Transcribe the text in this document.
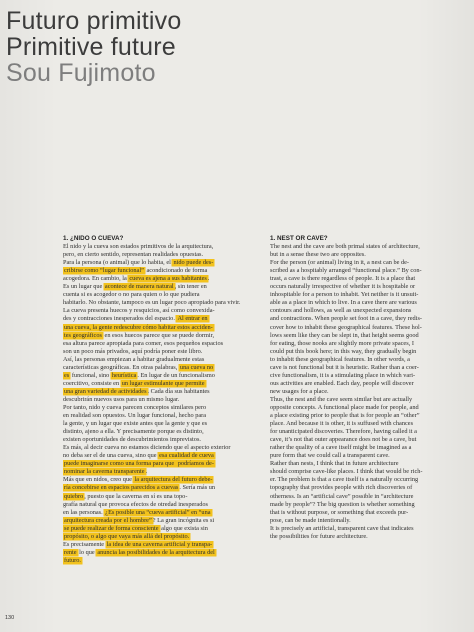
Futuro primitivo
Primitive future
Sou Fujimoto
1. ¿NIDO O CUEVA?
El nido y la cueva son estados primitivos de la arquitectura,
pero, en cierto sentido, representan realidades opuestas.
Para la persona (o animal) que lo habita, el nido puede des-
cribirse como “lugar funcional” acondicionado de forma
acogedora. En cambio, la cueva es ajena a sus habitantes.
Es un lugar que acontece de manera natural, sin tener en
cuenta si es acogedor o no para quien o lo que pudiera
habitarlo. No obstante, tampoco es un lugar poco apropiado para vivir.
La cueva presenta huecos y resquicios, así como convexida-
des y contracciones inesperados del espacio. Al entrar en
una cueva, la gente redescubre cómo habitar estos acciden-
tes geográficos en esos huecos parece que se puede dormir,
esa altura parece apropiada para comer, esos pequeños espacios
son un poco más privados, aquí podría poner este libro.
Así, las personas empiezan a habitar gradualmente estas
características geográficas. En otras palabras, una cueva no
es funcional, sino heurística. En lugar de un funcionalismo
coercitivo, consiste en un lugar estimulante que permite
una gran variedad de actividades. Cada día sus habitantes
descubrirán nuevos usos para un mismo lugar.
Por tanto, nido y cueva parecen conceptos similares pero
en realidad son opuestos. Un lugar funcional, hecho para
la gente, y un lugar que existe antes que la gente y que es
distinto, ajeno a ella. Y precisamente porque es distinto,
existen oportunidades de descubrimientos imprevistos.
Es más, al decir cueva no estamos diciendo que el aspecto exterior
no deba ser el de una cueva, sino que esa cualidad de cueva
puede imaginarse como una forma para que podríamos de-
nominar la caverna transparente.
Más que en nidos, creo que la arquitectura del futuro debe-
ría concebirse en espacios parecidos a cuevas. Sería más un
quiebro, puesto que la caverna en sí es una topo-
grafía natural que provoca efectos de otredad inesperados
en las personas. ¿Es posible una “cueva artificial” en “una
arquitectura creada por el hombre”? La gran incógnita es si
se puede realizar de forma consciente algo que exista sin
propósito, o algo que vaya más allá del propósito.
Es precisamente la idea de una caverna artificial y transpa-
rente lo que anuncia las posibilidades de la arquitectura del
futuro.
1. NEST OR CAVE?
The nest and the cave are both primal states of architecture,
but in a sense these two are opposites.
For the person (or animal) living in it, a nest can be de-
scribed as a hospitably arranged “functional place.” By con-
trast, a cave is there regardless of people. It is a place that
occurs naturally irrespective of whether it is hospitable or
inhospitable for a person to inhabit. Yet neither is it unsuit-
able as a place in which to live. In a cave there are various
contours and hollows, as well as unexpected expansions
and contractions. When people set foot in a cave, they redis-
cover how to inhabit these geographical features. These hol-
lows seem like they can be slept in, that height seems good
for eating, those nooks are slightly more private spaces, I
could put this book here; in this way, they gradually begin
to inhabit these geographical features. In other words, a
cave is not functional but it is heuristic. Rather than a coer-
cive functionalism, it is a stimulating place in which vari-
ous activities are enabled. Each day, people will discover
new usages for a place.
Thus, the nest and the cave seem similar but are actually
opposite concepts. A functional place made for people, and
a place existing prior to people that is for people an “other”
place. And because it is other, it is suffused with chances
for unanticipated discoveries. Therefore, having called it a
cave, it’s not that outer appearance does not be a cave, but
rather the quality of a cave itself might be imagined as a
pure form that we could call a transparent cave.
Rather than nests, I think that in future architecture
should comprise cave-like places. I think that would be rich-
er. The problem is that a cave itself is a naturally occurring
topography that provides people with rich discoveries of
otherness. Is an “artificial cave” possible in “architecture
made by people”? The big question is whether something
that is without purpose, or something that exceeds pur-
pose, can be made intentionally.
It is precisely an artificial, transparent cave that indicates
the possibilities for future architecture.
130
